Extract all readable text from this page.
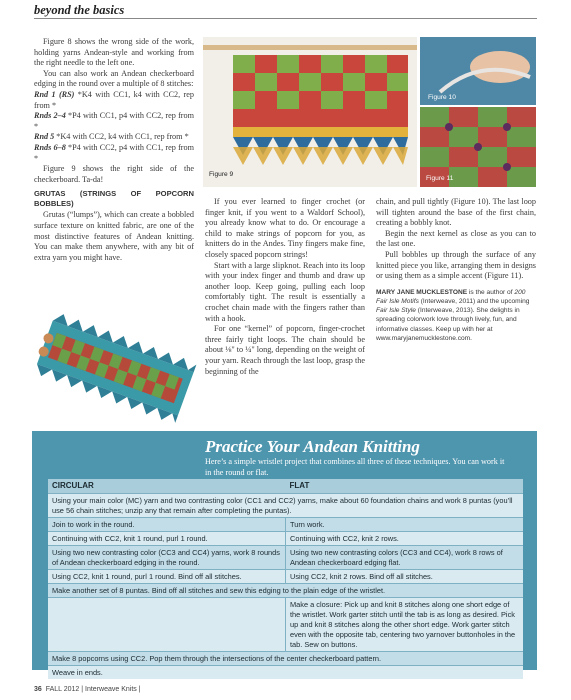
beyond the basics

Figure 8 shows the wrong side of the work, holding yarns Andean-style and working from the right needle to the left one.

You can also work an Andean checkerboard edging in the round over a multiple of 8 stitches:

Rnd 1 (RS) *K4 with CC1, k4 with CC2, rep from *

Rnds 2–4 *P4 with CC1, p4 with CC2, rep from *

Rnd 5 *K4 with CC2, k4 with CC1, rep from *

Rnds 6–8 *P4 with CC2, p4 with CC1, rep from *

Figure 9 shows the right side of the checkerboard. Ta-da!

GRUTAS (STRINGS OF POPCORN BOBBLES)

Grutas (“lumps”), which can create a bobbled surface texture on knitted fabric, are one of the most distinctive features of Andean knitting. You can make them anywhere, with any bit of extra yarn you might have.

Figure 9
Figure 10
Figure 11

If you ever learned to finger crochet (or finger knit, if you went to a Waldorf School), you already know what to do. Or encourage a child to make strings of popcorn for you, as knitters do in the Andes. Tiny fingers make fine, closely spaced popcorn strings!

Start with a large slipknot. Reach into its loop with your index finger and thumb and draw up another loop. Keep going, pulling each loop comfortably tight. The result is essentially a crochet chain made with the fingers rather than with a hook.

For one “kernel” of popcorn, finger-crochet three fairly tight loops. The chain should be about ⅛" to ¼" long, depending on the weight of your yarn. Reach through the last loop, grasp the beginning of the

chain, and pull tightly (Figure 10). The last loop will tighten around the base of the first chain, creating a bobbly knot.

Begin the next kernel as close as you can to the last one.

Pull bobbles up through the surface of any knitted piece you like, arranging them in designs or using them as a simple accent (Figure 11).

MARY JANE MUCKLESTONE is the author of 200 Fair Isle Motifs (Interweave, 2011) and the upcoming Fair Isle Style (Interweave, 2013). She delights in spreading colorwork love through lively, fun, and informative classes. Keep up with her at www.maryjanemucklestone.com.
Practice Your Andean Knitting
Here’s a simple wristlet project that combines all three of these techniques. You can work it in the round or flat.
CIRCULAR	FLAT
Using your main color (MC) yarn and two contrasting color (CC1 and CC2) yarns, make about 60 foundation chains and work 8 puntas (you’ll use 56 chain stitches; unzip any that remain after completing the puntas).	
Join to work in the round.	Turn work.
Continuing with CC2, knit 1 round, purl 1 round.	Continuing with CC2, knit 2 rows.
Using two new contrasting color (CC3 and CC4) yarns, work 8 rounds of Andean checkerboard edging in the round.	Using two new contrasting colors (CC3 and CC4), work 8 rows of Andean checkerboard edging flat.
Using CC2, knit 1 round, purl 1 round. Bind off all stitches.	Using CC2, knit 2 rows. Bind off all stitches.
Make another set of 8 puntas. Bind off all stitches and sew this edging to the plain edge of the wristlet.	
	Make a closure: Pick up and knit 8 stitches along one short edge of the wristlet. Work garter stitch until the tab is as long as desired. Pick up and knit 8 stitches along the other short edge. Work garter stitch even with the opposite tab, centering two yarnover buttonholes in the tab. Sew on buttons.
Make 8 popcorns using CC2. Pop them through the intersections of the center checkerboard pattern.	
Weave in ends.	
36 FALL 2012 | Interweave Knits |
